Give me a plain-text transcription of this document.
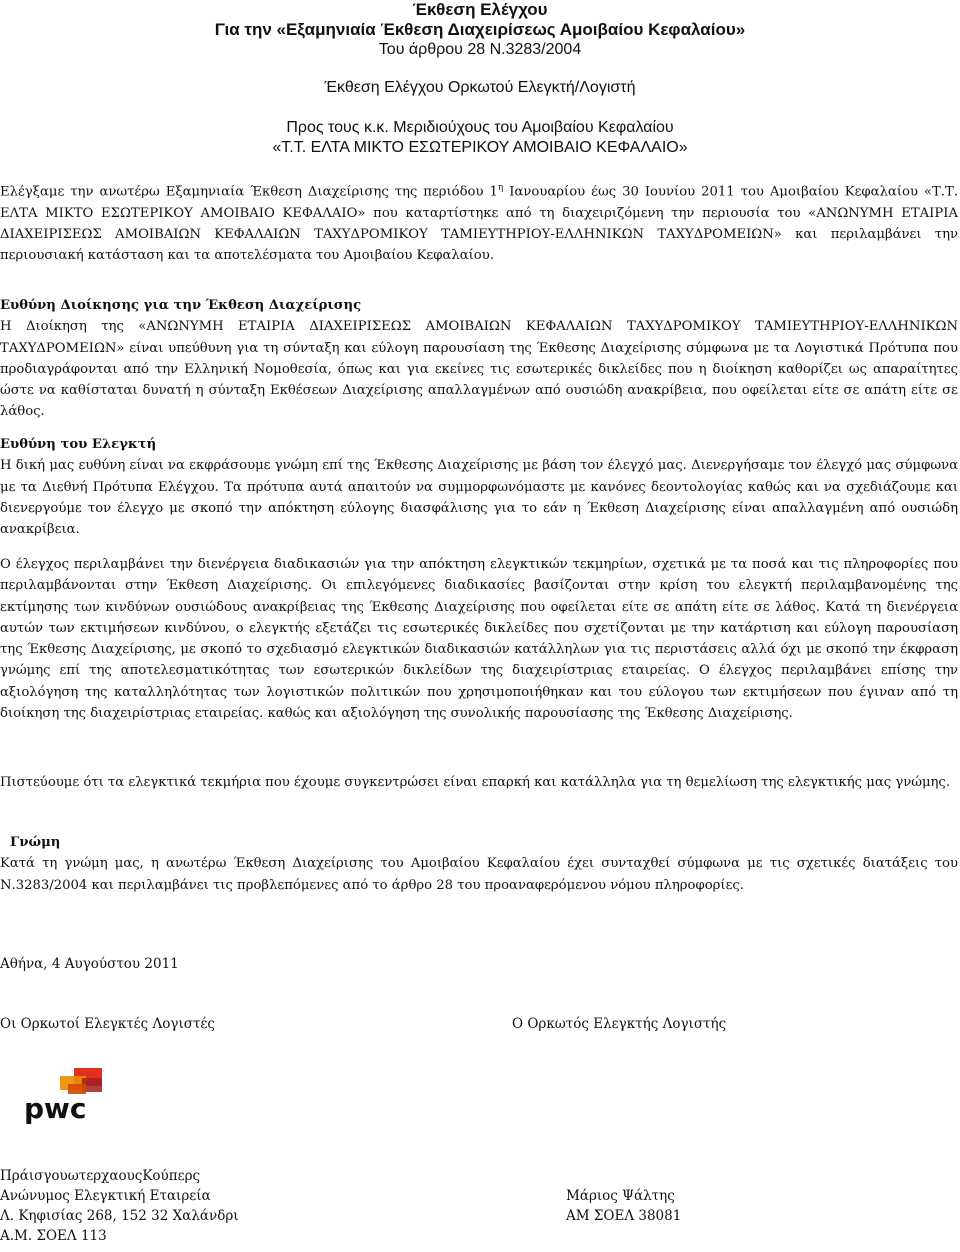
Έκθεση Ελέγχου
Για την «Εξαμηνιαία Έκθεση Διαχειρίσεως Αμοιβαίου Κεφαλαίου»
Του άρθρου 28 Ν.3283/2004
Έκθεση Ελέγχου Ορκωτού Ελεγκτή/Λογιστή
Προς τους κ.κ. Μεριδιούχους του Αμοιβαίου Κεφαλαίου
«Τ.Τ. ΕΛΤΑ ΜΙΚΤΟ ΕΣΩΤΕΡΙΚΟΥ ΑΜΟΙΒΑΙΟ ΚΕΦΑΛΑΙΟ»
Ελέγξαμε την ανωτέρω Εξαμηνιαία Έκθεση Διαχείρισης της περιόδου $1^\eta$ Ιανουαρίου έως 30 Ιουνίου 2011 του Αμοιβαίου Κεφαλαίου «Τ.Τ. ΕΛΤΑ ΜΙΚΤΟ ΕΣΩΤΕΡΙΚΟΥ ΑΜΟΙΒΑΙΟ ΚΕΦΑΛΑΙΟ» που καταρτίστηκε από τη διαχειριζόμενη την περιουσία του «ΑΝΩΝΥΜΗ ΕΤΑΙΡΙΑ ΔΙΑΧΕΙΡΙΣΕΩΣ ΑΜΟΙΒΑΙΩΝ ΚΕΦΑΛΑΙΩΝ ΤΑΧΥΔΡΟΜΙΚΟΥ ΤΑΜΙΕΥΤΗΡΙΟΥ-ΕΛΛΗΝΙΚΩΝ ΤΑΧΥΔΡΟΜΕΙΩΝ» και περιλαμβάνει την περιουσιακή κατάσταση και τα αποτελέσματα του Αμοιβαίου Κεφαλαίου.
Ευθύνη Διοίκησης για την Έκθεση Διαχείρισης
Η Διοίκηση της «ΑΝΩΝΥΜΗ ΕΤΑΙΡΙΑ ΔΙΑΧΕΙΡΙΣΕΩΣ ΑΜΟΙΒΑΙΩΝ ΚΕΦΑΛΑΙΩΝ ΤΑΧΥΔΡΟΜΙΚΟΥ ΤΑΜΙΕΥΤΗΡΙΟΥ-ΕΛΛΗΝΙΚΩΝ ΤΑΧΥΔΡΟΜΕΙΩΝ» είναι υπεύθυνη για τη σύνταξη και εύλογη παρουσίαση της Έκθεσης Διαχείρισης σύμφωνα με τα Λογιστικά Πρότυπα που προδιαγράφονται από την Ελληνική Νομοθεσία, όπως και για εκείνες τις εσωτερικές δικλείδες που η διοίκηση καθορίζει ως απαραίτητες ώστε να καθίσταται δυνατή η σύνταξη Εκθέσεων Διαχείρισης απαλλαγμένων από ουσιώδη ανακρίβεια, που οφείλεται είτε σε απάτη είτε σε λάθος.
Ευθύνη του Ελεγκτή
Η δική μας ευθύνη είναι να εκφράσουμε γνώμη επί της Έκθεσης Διαχείρισης με βάση τον έλεγχό μας. Διενεργήσαμε τον έλεγχό μας σύμφωνα με τα Διεθνή Πρότυπα Ελέγχου. Τα πρότυπα αυτά απαιτούν να συμμορφωνόμαστε με κανόνες δεοντολογίας καθώς και να σχεδιάζουμε και διενεργούμε τον έλεγχο με σκοπό την απόκτηση εύλογης διασφάλισης για το εάν η Έκθεση Διαχείρισης είναι απαλλαγμένη από ουσιώδη ανακρίβεια.
Ο έλεγχος περιλαμβάνει την διενέργεια διαδικασιών για την απόκτηση ελεγκτικών τεκμηρίων, σχετικά με τα ποσά και τις πληροφορίες που περιλαμβάνονται στην Έκθεση Διαχείρισης. Οι επιλεγόμενες διαδικασίες βασίζονται στην κρίση του ελεγκτή περιλαμβανομένης της εκτίμησης των κινδύνων ουσιώδους ανακρίβειας της Έκθεσης Διαχείρισης που οφείλεται είτε σε απάτη είτε σε λάθος. Κατά τη διενέργεια αυτών των εκτιμήσεων κινδύνου, ο ελεγκτής εξετάζει τις εσωτερικές δικλείδες που σχετίζονται με την κατάρτιση και εύλογη παρουσίαση της Έκθεσης Διαχείρισης, με σκοπό το σχεδιασμό ελεγκτικών διαδικασιών κατάλληλων για τις περιστάσεις αλλά όχι με σκοπό την έκφραση γνώμης επί της αποτελεσματικότητας των εσωτερικών δικλείδων της διαχειρίστριας εταιρείας. Ο έλεγχος περιλαμβάνει επίσης την αξιολόγηση της καταλληλότητας των λογιστικών πολιτικών που χρησιμοποιήθηκαν και του εύλογου των εκτιμήσεων που έγιναν από τη διοίκηση της διαχειρίστριας εταιρείας. καθώς και αξιολόγηση της συνολικής παρουσίασης της Έκθεσης Διαχείρισης.
Πιστεύουμε ότι τα ελεγκτικά τεκμήρια που έχουμε συγκεντρώσει είναι επαρκή και κατάλληλα για τη θεμελίωση της ελεγκτικής μας γνώμης.
Γνώμη
Κατά τη γνώμη μας, η ανωτέρω Έκθεση Διαχείρισης του Αμοιβαίου Κεφαλαίου έχει συνταχθεί σύμφωνα με τις σχετικές διατάξεις του Ν.3283/2004 και περιλαμβάνει τις προβλεπόμενες από το άρθρο 28 του προαναφερόμενου νόμου πληροφορίες.
Αθήνα, 4 Αυγούστου 2011
Οι Ορκωτοί Ελεγκτές Λογιστές	Ο Ορκωτός Ελεγκτής Λογιστής
pwc
ΠράισγουωτερχαουςΚούπερς
Ανώνυμος Ελεγκτική Εταιρεία
Λ. Κηφισίας 268, 152 32 Χαλάνδρι
Α.Μ. ΣΟΕΛ 113
Μάριος Ψάλτης
ΑΜ ΣΟΕΛ 38081
